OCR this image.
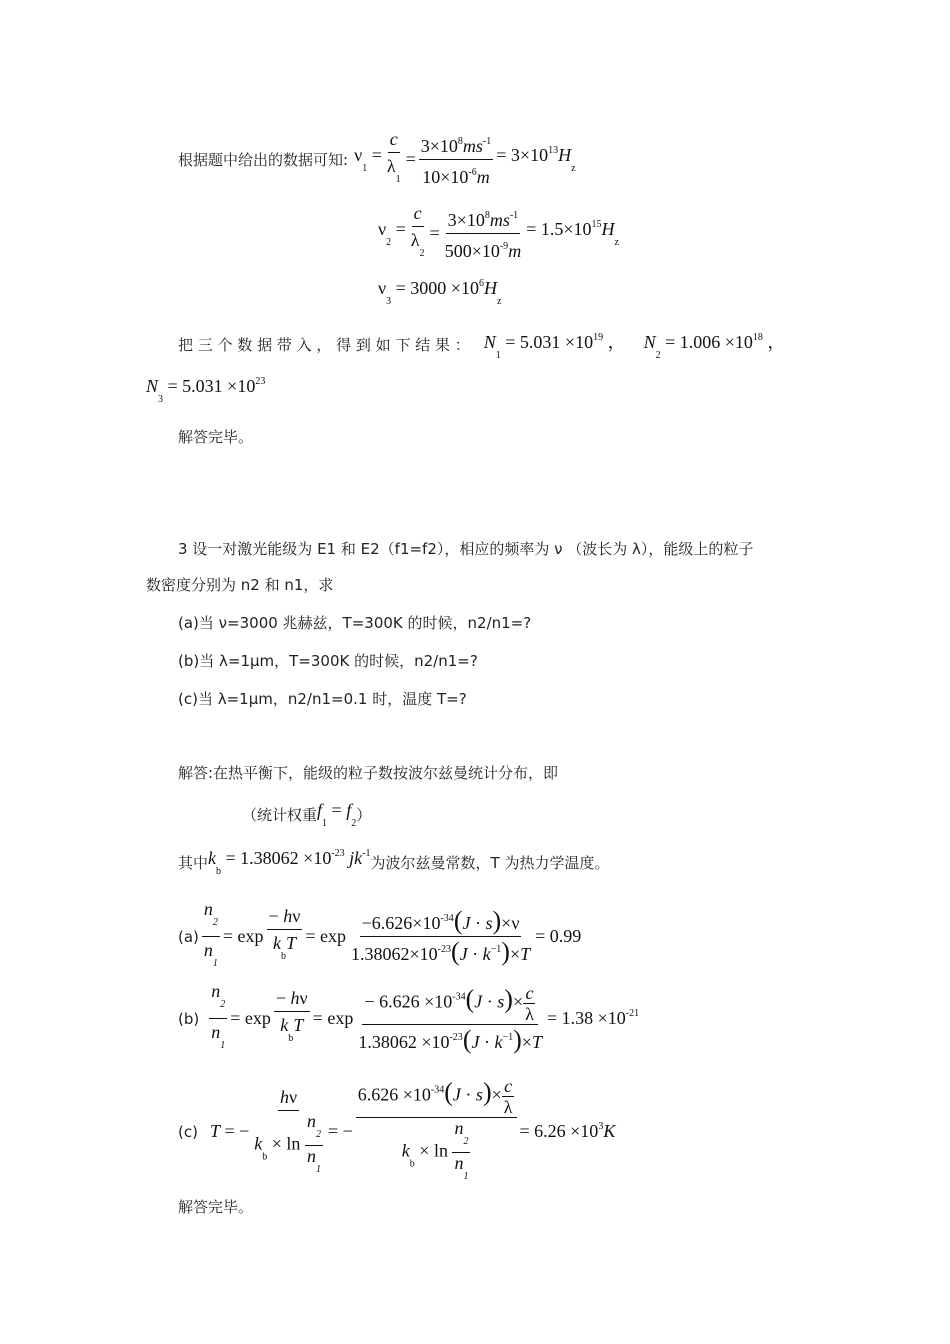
根据题中给出的数据可知: $\nu_1 = \frac{c}{\lambda_1} = \frac{3\times 10^8ms^{-1}}{10\times 10^{-6}m} = 3\times 10^{13}H_z$
$\nu_2 = \frac{c}{\lambda_2} = \frac{3\times 10^8ms^{-1}}{500\times 10^{-9}m} = 1.5\times 10^{15}H_z$
$\nu_3 = 3000 \times 10^6H_z$
把 三 个 数 据 带 入 ， 得 到 如 下 结 果 ： $N_1 = 5.031 \times 10^{19}$ ， $N_2 = 1.006 \times 10^{18}$ ，
$N_3 = 5.031 \times 10^{23}$
解答完毕。
3 设一对激光能级为 E1 和 E2（f1=f2），相应的频率为 ν （波长为 λ），能级上的粒子
数密度分别为 n2 和 n1，求
(a)当 ν=3000 兆赫兹，T=300K 的时候，n2/n1=?
(b)当 λ=1μm，T=300K 的时候，n2/n1=?
(c)当 λ=1μm，n2/n1=0.1 时，温度 T=?
解答:在热平衡下，能级的粒子数按波尔兹曼统计分布，即
（统计权重 $f_1 = f_2$ ）
其中 $k_b = 1.38062 \times 10^{-23}$ $jk^{-1}$
为波尔兹曼常数，T 为热力学温度。
$(a) \frac{n_2}{n_1} = \exp \frac{- h\nu}{k_bT} = \exp \frac{-6.626\times 10^{-34}(J \cdot s)\times\nu}{1.38062\times 10^{-23}(J \cdot k^{-1})\times T} = 0.99$
$(b) \frac{n_2}{n_1} = \exp \frac{- h\nu}{k_bT} = \exp \frac{- 6.626 \times 10^{-34}(J \cdot s)\times \frac{c}{\lambda}}{1.38062 \times 10^{-23}(J \cdot k^{-1})\times T} = 1.38 \times 10^{-21}$
(c) T = − $\frac{h\nu}{k_b \times \ln \frac{n_2}{n_1}}$ = − $\frac{6.626 \times 10^{-34}(J \cdot s)\times \frac{c}{\lambda}}{k_b \times \ln \frac{n_2}{n_1}} = 6.26 \times 10^3K$
解答完毕。
